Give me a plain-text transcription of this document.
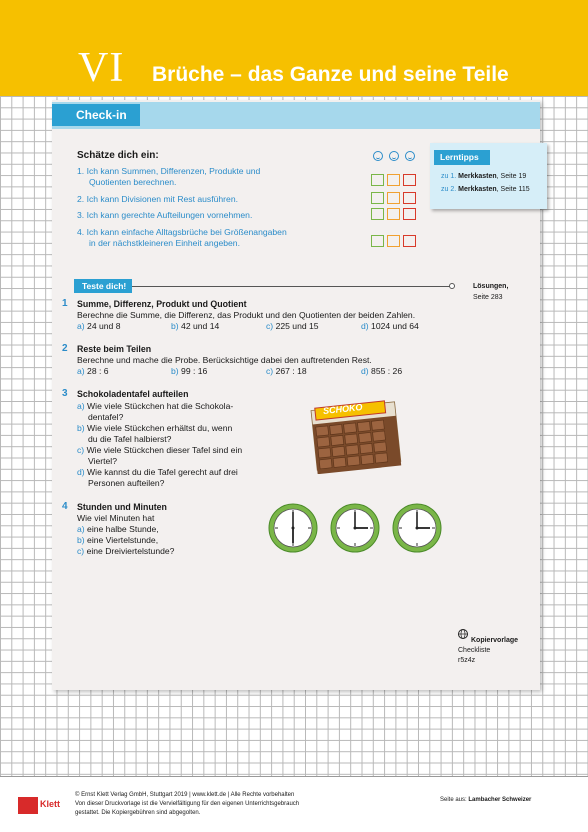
VI Brüche – das Ganze und seine Teile
Check-in
Schätze dich ein:
1. Ich kann Summen, Differenzen, Produkte und
Quotienten berechnen.
2. Ich kann Divisionen mit Rest ausführen.
3. Ich kann gerechte Aufteilungen vornehmen.
4. Ich kann einfache Alltagsbrüche bei Größenangaben
in der nächstkleineren Einheit angeben.
Lerntipps
zu 1. Merkkasten, Seite 19
zu 2. Merkkasten, Seite 115
Teste dich!	Lösungen,
Seite 283
1 Summe, Differenz, Produkt und Quotient
Berechne die Summe, die Differenz, das Produkt und den Quotienten der beiden Zahlen.
a) 24 und 8	b) 42 und 14	c) 225 und 15	d) 1024 und 64
2 Reste beim Teilen
Berechne und mache die Probe. Berücksichtige dabei den auftretenden Rest.
a) 28 : 6	b) 99 : 16	c) 267 : 18	d) 855 : 26
3 Schokoladentafel aufteilen
a) Wie viele Stückchen hat die Schokola-
dentafel?
b) Wie viele Stückchen erhältst du, wenn
du die Tafel halbierst?
c) Wie viele Stückchen dieser Tafel sind ein
Viertel?
d) Wie kannst du die Tafel gerecht auf drei
Personen aufteilen?
SCHOKO
4 Stunden und Minuten
Wie viel Minuten hat
a) eine halbe Stunde,
b) eine Viertelstunde,
c) eine Dreiviertelstunde?
Kopiervorlage
Checkliste
r5z4z
Klett
© Ernst Klett Verlag GmbH, Stuttgart 2019 | www.klett.de | Alle Rechte vorbehalten
Von dieser Druckvorlage ist die Vervielfältigung für den eigenen Unterrichtsgebrauch
gestattet. Die Kopiergebühren sind abgegolten.
Seite aus: Lambacher Schweizer
